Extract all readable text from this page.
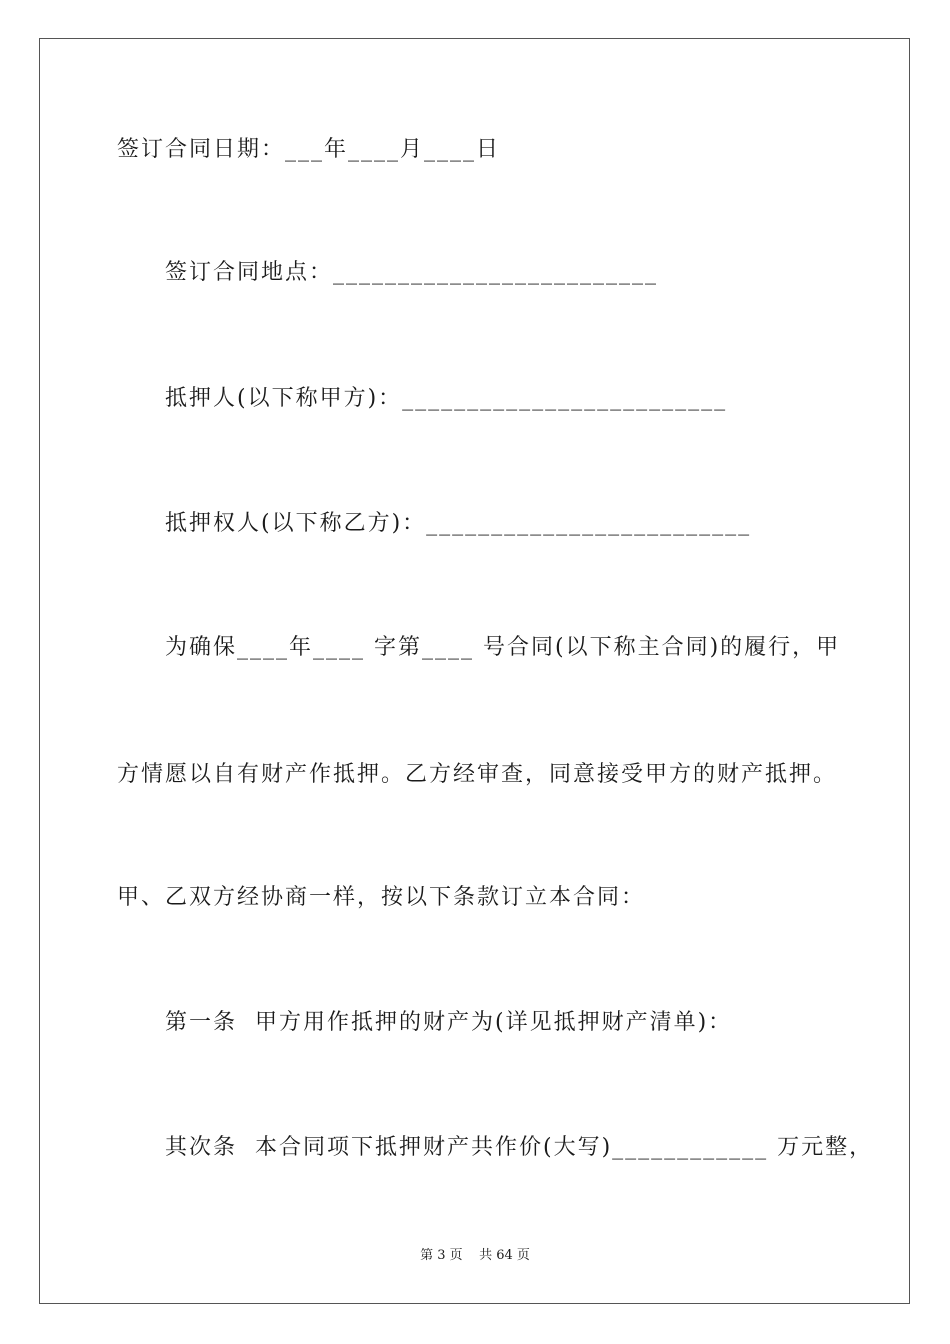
签订合同日期：___年____月____日
签订合同地点：_________________________
抵押人(以下称甲方)：_________________________
抵押权人(以下称乙方)：_________________________
为确保____年____ 字第____ 号合同(以下称主合同)的履行，甲
方情愿以自有财产作抵押。乙方经审查，同意接受甲方的财产抵押。
甲、乙双方经协商一样，按以下条款订立本合同：
第一条  甲方用作抵押的财产为(详见抵押财产清单)：
其次条  本合同项下抵押财产共作价(大写)____________ 万元整，
第 3 页    共 64 页
